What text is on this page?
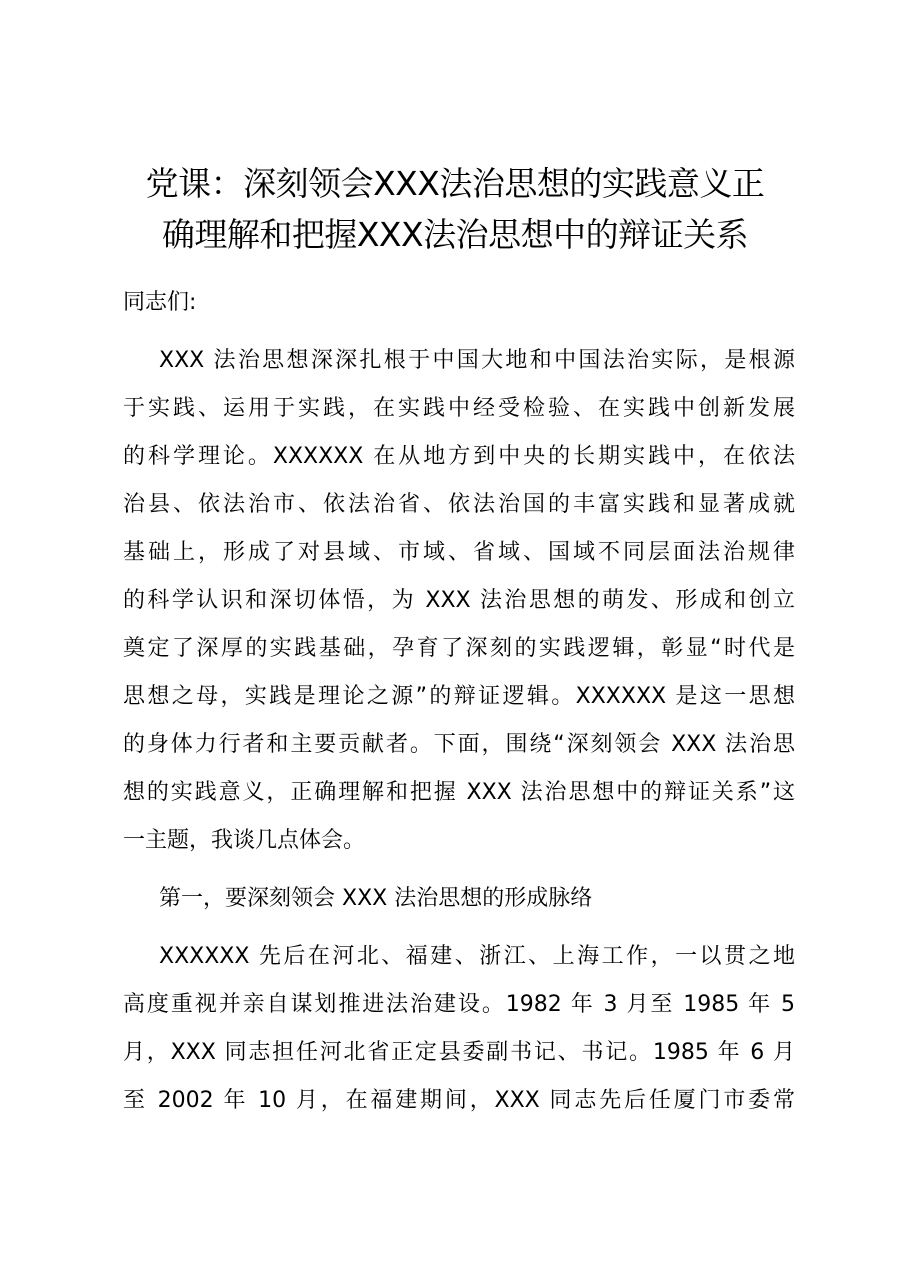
党课：深刻领会XXX法治思想的实践意义正
确理解和把握XXX法治思想中的辩证关系
同志们:
XXX 法治思想深深扎根于中国大地和中国法治实际，是根源
于实践、运用于实践，在实践中经受检验、在实践中创新发展
的科学理论。XXXXXX 在从地方到中央的长期实践中，在依法
治县、依法治市、依法治省、依法治国的丰富实践和显著成就
基础上，形成了对县域、市域、省域、国域不同层面法治规律
的科学认识和深切体悟，为 XXX 法治思想的萌发、形成和创立
奠定了深厚的实践基础，孕育了深刻的实践逻辑，彰显“时代是
思想之母，实践是理论之源”的辩证逻辑。XXXXXX 是这一思想
的身体力行者和主要贡献者。下面，围绕“深刻领会 XXX 法治思
想的实践意义，正确理解和把握 XXX 法治思想中的辩证关系”这
一主题，我谈几点体会。
第一，要深刻领会 XXX 法治思想的形成脉络
XXXXXX 先后在河北、福建、浙江、上海工作，一以贯之地
高度重视并亲自谋划推进法治建设。1982 年 3 月至 1985 年 5
月，XXX 同志担任河北省正定县委副书记、书记。1985 年 6 月
至 2002 年 10 月，在福建期间，XXX 同志先后任厦门市委常
